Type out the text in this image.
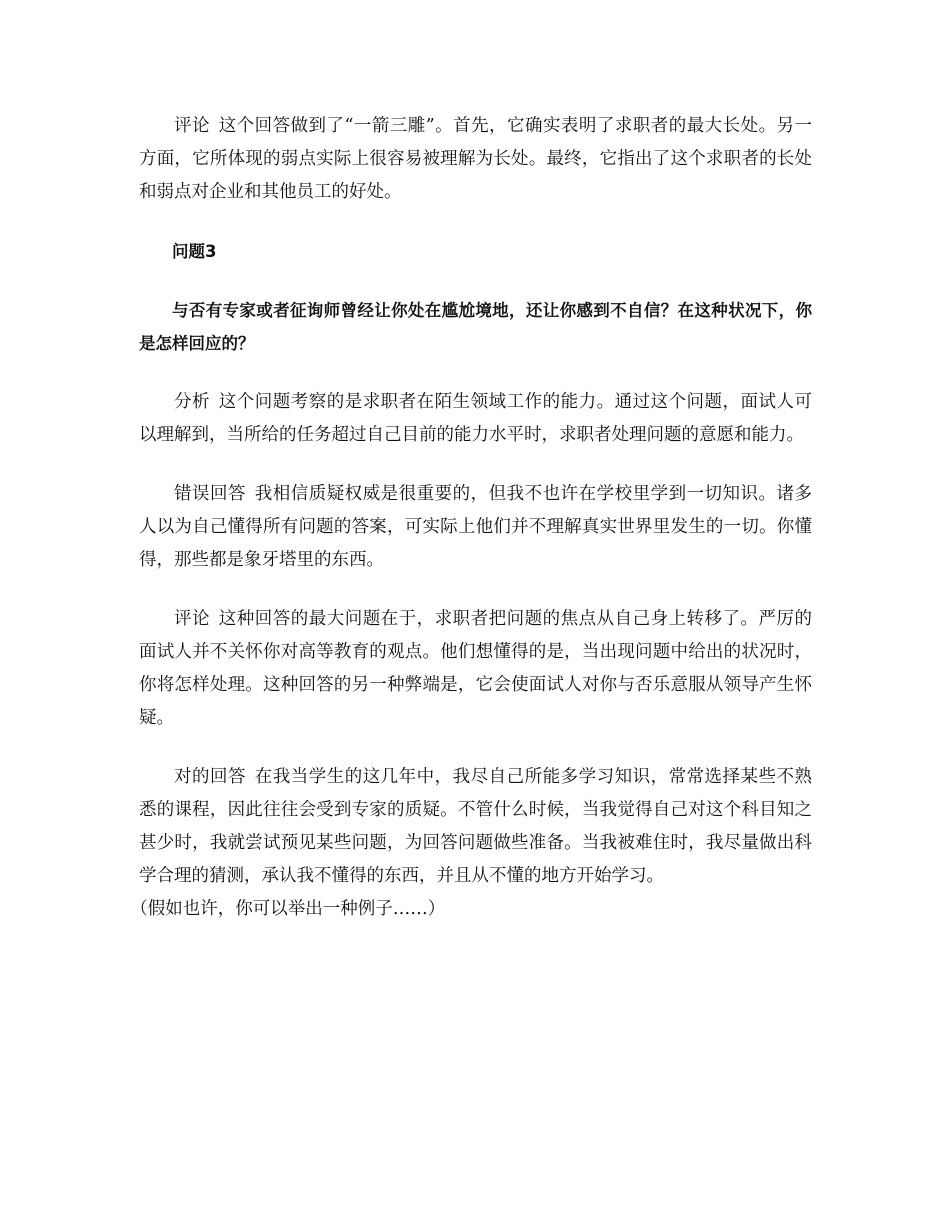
评论 这个回答做到了“一箭三雕”。首先，它确实表明了求职者的最大长处。另一方面，它所体现的弱点实际上很容易被理解为长处。最终，它指出了这个求职者的长处和弱点对企业和其他员工的好处。

问题3

与否有专家或者征询师曾经让你处在尴尬境地，还让你感到不自信？在这种状况下，你是怎样回应的？

分析 这个问题考察的是求职者在陌生领域工作的能力。通过这个问题，面试人可以理解到，当所给的任务超过自己目前的能力水平时，求职者处理问题的意愿和能力。

错误回答 我相信质疑权威是很重要的，但我不也许在学校里学到一切知识。诸多人以为自己懂得所有问题的答案，可实际上他们并不理解真实世界里发生的一切。你懂得，那些都是象牙塔里的东西。

评论 这种回答的最大问题在于，求职者把问题的焦点从自己身上转移了。严厉的面试人并不关怀你对高等教育的观点。他们想懂得的是，当出现问题中给出的状况时，你将怎样处理。这种回答的另一种弊端是，它会使面试人对你与否乐意服从领导产生怀疑。

对的回答 在我当学生的这几年中，我尽自己所能多学习知识，常常选择某些不熟悉的课程，因此往往会受到专家的质疑。不管什么时候，当我觉得自己对这个科目知之甚少时，我就尝试预见某些问题，为回答问题做些准备。当我被难住时，我尽量做出科学合理的猜测，承认我不懂得的东西，并且从不懂的地方开始学习。
（假如也许，你可以举出一种例子……）
